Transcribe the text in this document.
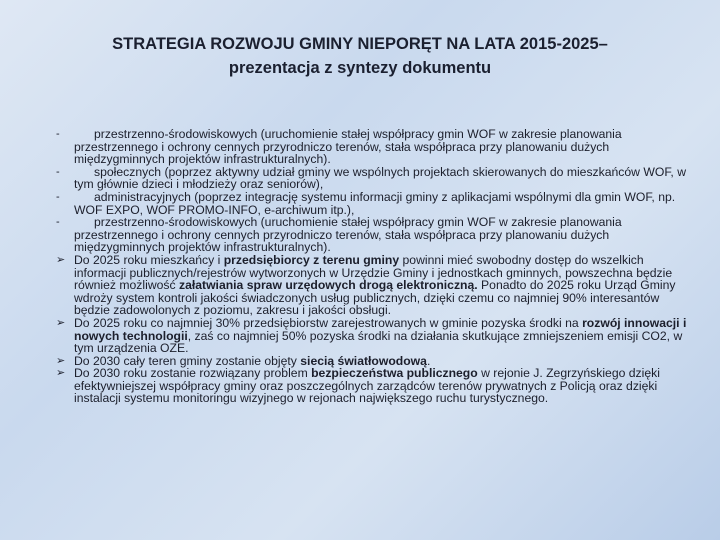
STRATEGIA ROZWOJU GMINY NIEPORĘT NA LATA 2015-2025–
prezentacja z syntezy dokumentu
-	przestrzenno-środowiskowych (uruchomienie stałej współpracy gmin WOF w zakresie planowania przestrzennego i ochrony cennych przyrodniczo terenów, stała współpraca przy planowaniu dużych międzygminnych projektów infrastrukturalnych).
-	społecznych (poprzez aktywny udział gminy we wspólnych projektach skierowanych do mieszkańców WOF, w tym głównie dzieci i młodzieży oraz seniorów),
-	administracyjnych (poprzez integrację systemu informacji gminy z aplikacjami wspólnymi dla gmin WOF, np. WOF EXPO, WOF PROMO-INFO, e-archiwum itp.),
-	przestrzenno-środowiskowych (uruchomienie stałej współpracy gmin WOF w zakresie planowania przestrzennego i ochrony cennych przyrodniczo terenów, stała współpraca przy planowaniu dużych międzygminnych projektów infrastrukturalnych).
➢ Do 2025 roku mieszkańcy i przedsiębiorcy z terenu gminy powinni mieć swobodny dostęp do wszelkich informacji publicznych/rejestrów wytworzonych w Urzędzie Gminy i jednostkach gminnych, powszechna będzie również możliwość załatwiania spraw urzędowych drogą elektroniczną. Ponadto do 2025 roku Urząd Gminy wdroży system kontroli jakości świadczonych usług publicznych, dzięki czemu co najmniej 90% interesantów będzie zadowolonych z poziomu, zakresu i jakości obsługi.
➢ Do 2025 roku co najmniej 30% przedsiębiorstw zarejestrowanych w gminie pozyska środki na rozwój innowacji i nowych technologii, zaś co najmniej 50% pozyska środki na działania skutkujące zmniejszeniem emisji CO2, w tym urządzenia OZE.
➢ Do 2030 cały teren gminy zostanie objęty siecią światłowodową.
➢ Do 2030 roku zostanie rozwiązany problem bezpieczeństwa publicznego w rejonie J. Zegrzyńskiego dzięki efektywniejszej współpracy gminy oraz poszczególnych zarządców terenów prywatnych z Policją oraz dzięki instalacji systemu monitoringu wizyjnego w rejonach największego ruchu turystycznego.
